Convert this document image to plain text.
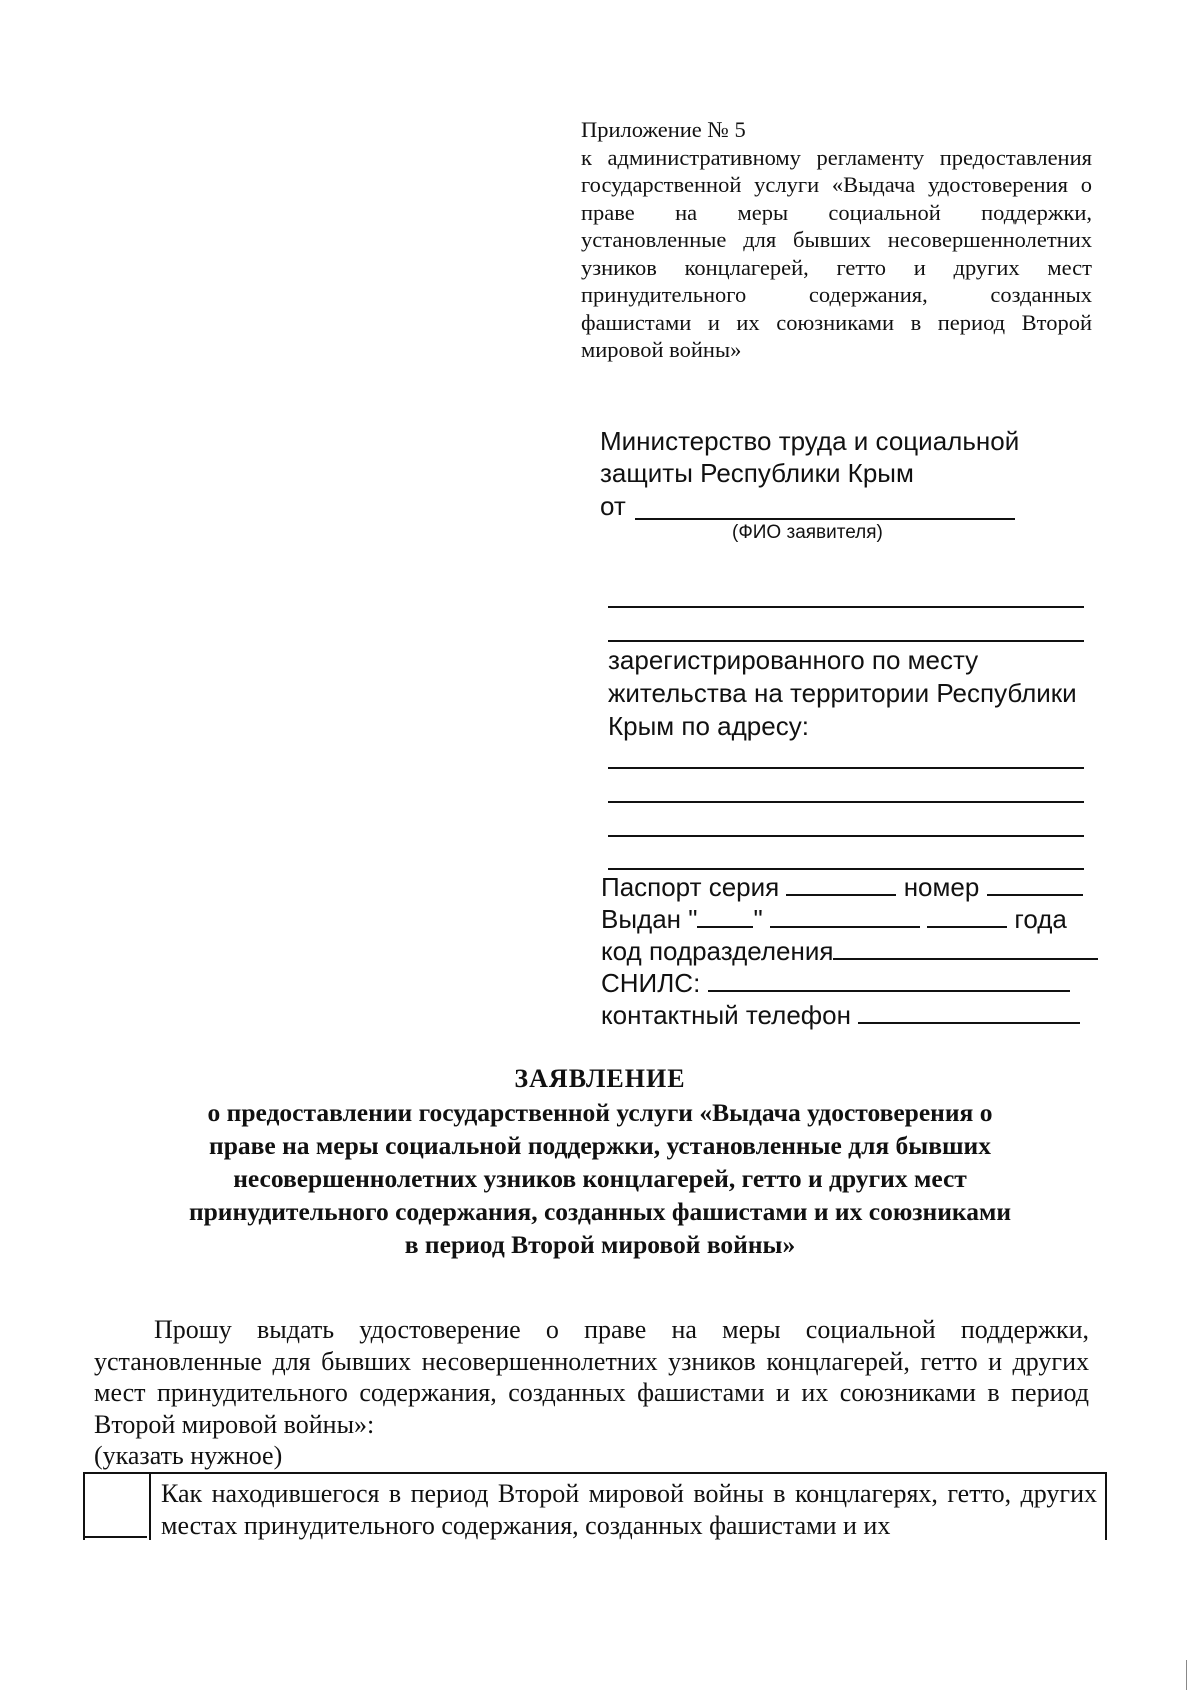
Приложение № 5
к административному регламенту предоставления государственной услуги «Выдача удостоверения о праве на меры социальной поддержки, установленные для бывших несовершеннолетних узников концлагерей, гетто и других мест принудительного содержания, созданных фашистами и их союзниками в период Второй мировой войны»
Министерство труда и социальной
защиты Республики Крым
от
(ФИО заявителя)
зарегистрированного по месту
жительства на территории Республики
Крым по адресу:
Паспорт серия	номер
Выдан " "	года
код подразделения
СНИЛС:
контактный телефон
ЗАЯВЛЕНИЕ
о предоставлении государственной услуги «Выдача удостоверения о
праве на меры социальной поддержки, установленные для бывших
несовершеннолетних узников концлагерей, гетто и других мест
принудительного содержания, созданных фашистами и их союзниками
в период Второй мировой войны»
Прошу выдать удостоверение о праве на меры социальной поддержки, установленные для бывших несовершеннолетних узников концлагерей, гетто и других мест принудительного содержания, созданных фашистами и их союзниками в период Второй мировой войны»:
(указать нужное)
Как находившегося в период Второй мировой войны в концлагерях, гетто, других местах принудительного содержания, созданных фашистами и их
